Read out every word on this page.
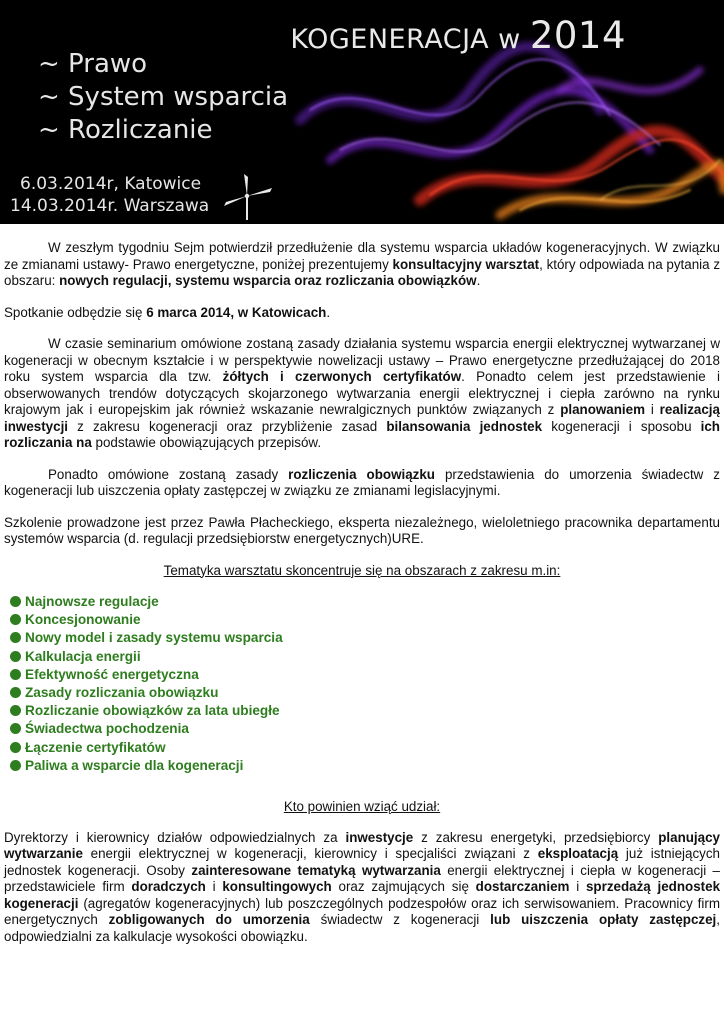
KOGENERACJA w 2014
~ Prawo
~ System wsparcia
~ Rozliczanie
6.03.2014r, Katowice
14.03.2014r. Warszawa

W zeszłym tygodniu Sejm potwierdził przedłużenie dla systemu wsparcia układów kogeneracyjnych. W związku ze zmianami ustawy- Prawo energetyczne, poniżej prezentujemy konsultacyjny warsztat, który odpowiada na pytania z obszaru: nowych regulacji, systemu wsparcia oraz rozliczania obowiązków.

Spotkanie odbędzie się 6 marca 2014, w Katowicach.

W czasie seminarium omówione zostaną zasady działania systemu wsparcia energii elektrycznej wytwarzanej w kogeneracji w obecnym kształcie i w perspektywie nowelizacji ustawy – Prawo energetyczne przedłużającej do 2018 roku system wsparcia dla tzw. żółtych i czerwonych certyfikatów. Ponadto celem jest przedstawienie i obserwowanych trendów dotyczących skojarzonego wytwarzania energii elektrycznej i ciepła zarówno na rynku krajowym jak i europejskim jak również wskazanie newralgicznych punktów związanych z planowaniem i realizacją inwestycji z zakresu kogeneracji oraz przybliżenie zasad bilansowania jednostek kogeneracji i sposobu ich rozliczania na podstawie obowiązujących przepisów.

Ponadto omówione zostaną zasady rozliczenia obowiązku przedstawienia do umorzenia świadectw z kogeneracji lub uiszczenia opłaty zastępczej w związku ze zmianami legislacyjnymi.

Szkolenie prowadzone jest przez Pawła Płacheckiego, eksperta niezależnego, wieloletniego pracownika departamentu systemów wsparcia (d. regulacji przedsiębiorstw energetycznych)URE.

Tematyka warsztatu skoncentruje się na obszarach z zakresu m.in:

Najnowsze regulacje
Koncesjonowanie
Nowy model i zasady systemu wsparcia
Kalkulacja energii
Efektywność energetyczna
Zasady rozliczania obowiązku
Rozliczanie obowiązków za lata ubiegłe
Świadectwa pochodzenia
Łączenie certyfikatów
Paliwa a wsparcie dla kogeneracji

Kto powinien wziąć udział:

Dyrektorzy i kierownicy działów odpowiedzialnych za inwestycje z zakresu energetyki, przedsiębiorcy planujący wytwarzanie energii elektrycznej w kogeneracji, kierownicy i specjaliści związani z eksploatacją już istniejących jednostek kogeneracji. Osoby zainteresowane tematyką wytwarzania energii elektrycznej i ciepła w kogeneracji – przedstawiciele firm doradczych i konsultingowych oraz zajmujących się dostarczaniem i sprzedażą jednostek kogeneracji (agregatów kogeneracyjnych) lub poszczególnych podzespołów oraz ich serwisowaniem. Pracownicy firm energetycznych zobligowanych do umorzenia świadectw z kogeneracji lub uiszczenia opłaty zastępczej, odpowiedzialni za kalkulacje wysokości obowiązku.
